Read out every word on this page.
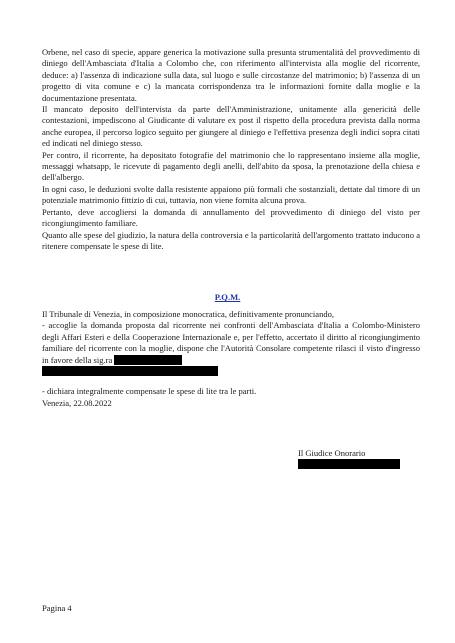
Orbene, nel caso di specie, appare generica la motivazione sulla presunta strumentalità del provvedimento di diniego dell'Ambasciata d'Italia a Colombo che, con riferimento all'intervista alla moglie del ricorrente, deduce: a) l'assenza di indicazione sulla data, sul luogo e sulle circostanze del matrimonio; b) l'assenza di un progetto di vita comune e c) la mancata corrispondenza tra le informazioni fornite dalla moglie e la documentazione presentata.

Il mancato deposito dell'intervista da parte dell'Amministrazione, unitamente alla genericità delle contestazioni, impediscono al Giudicante di valutare ex post il rispetto della procedura prevista dalla norma anche europea, il percorso logico seguito per giungere al diniego e l'effettiva presenza degli indici sopra citati ed indicati nel diniego stesso.

Per contro, il ricorrente, ha depositato fotografie del matrimonio che lo rappresentano insieme alla moglie, messaggi whatsapp, le ricevute di pagamento degli anelli, dell'abito da sposa, la prenotazione della chiesa e dell'albergo.

In ogni caso, le deduzioni svolte dalla resistente appaiono più formali che sostanziali, dettate dal timore di un potenziale matrimonio fittizio di cui, tuttavia, non viene fornita alcuna prova.

Pertanto, deve accogliersi la domanda di annullamento del provvedimento di diniego del visto per ricongiungimento familiare.

Quanto alle spese del giudizio, la natura della controversia e la particolarità dell'argomento trattato inducono a ritenere compensate le spese di lite.

P.Q.M.

Il Tribunale di Venezia, in composizione monocratica, definitivamente pronunciando,

- accoglie la domanda proposta dal ricorrente nei confronti dell'Ambasciata d'Italia a Colombo-Ministero degli Affari Esteri e della Cooperazione Internazionale e, per l'effetto, accertato il diritto al ricongiungimento familiare del ricorrente con la moglie, dispone che l'Autorità Consolare competente rilasci il visto d'ingresso in favore della sig.ra

- dichiara integralmente compensate le spese di lite tra le parti.

Venezia, 22.08.2022

Il Giudice Onorario
Pagina 4
